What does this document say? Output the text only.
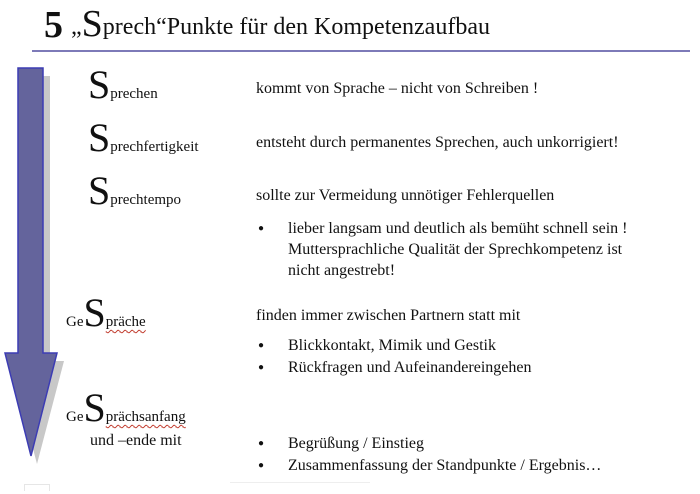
5 „Sprech“Punkte für den Kompetenzaufbau
Sprechen	kommt von Sprache – nicht von Schreiben !
Sprechfertigkeit	entsteht durch permanentes Sprechen, auch unkorrigiert!
Sprechtempo	sollte zur Vermeidung unnötiger Fehlerquellen
● lieber langsam und deutlich als bemüht schnell sein !
Muttersprachliche Qualität der Sprechkompetenz ist
nicht angestrebt!
GeSpräche	finden immer zwischen Partnern statt mit
● Blickkontakt, Mimik und Gestik
● Rückfragen und Aufeinandereingehen
GeSprächsanfang
und –ende mit	● Begrüßung / Einstieg
● Zusammenfassung der Standpunkte / Ergebnis…
